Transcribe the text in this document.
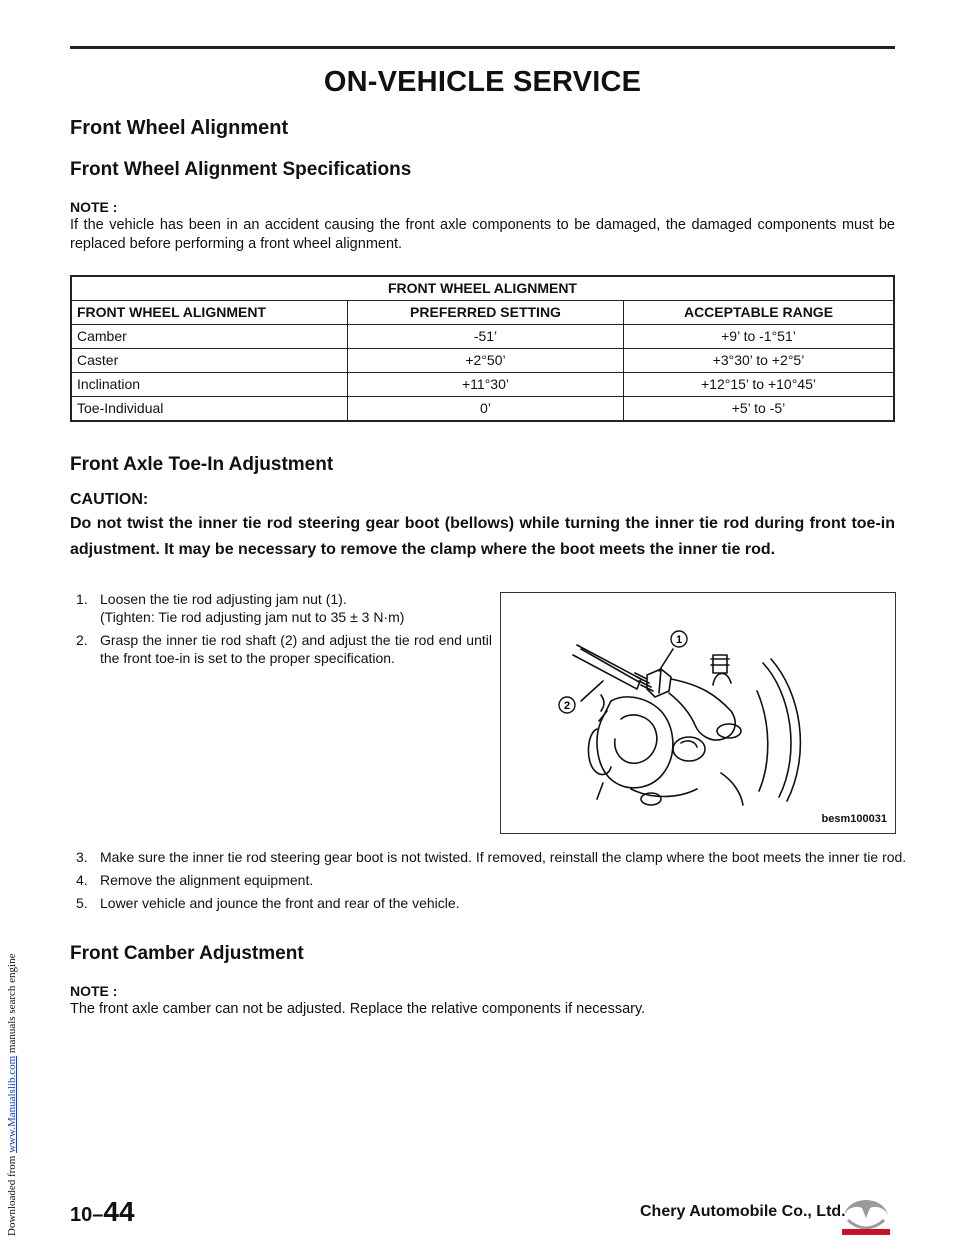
Downloaded from www.Manualslib.com manuals search engine
ON-VEHICLE SERVICE
Front Wheel Alignment
Front Wheel Alignment Specifications
NOTE :
If the vehicle has been in an accident causing the front axle components to be damaged, the damaged components must be replaced before performing a front wheel alignment.
FRONT WHEEL ALIGNMENT		
FRONT WHEEL ALIGNMENT	PREFERRED SETTING	ACCEPTABLE RANGE
Camber	-51’	+9’ to -1°51’
Caster	+2°50’	+3°30’ to +2°5’
Inclination	+11°30’	+12°15’ to +10°45’
Toe-Individual	0’	+5’ to -5’
Front Axle Toe-In Adjustment
CAUTION:
Do not twist the inner tie rod steering gear boot (bellows) while turning the inner tie rod during front toe-in adjustment. It may be necessary to remove the clamp where the boot meets the inner tie rod.
1. Loosen the tie rod adjusting jam nut (1).
(Tighten: Tie rod adjusting jam nut to 35 ± 3 N·m)
2. Grasp the inner tie rod shaft (2) and adjust the tie rod end until the front toe-in is set to the proper specification.
1
2
besm100031
3. Make sure the inner tie rod steering gear boot is not twisted. If removed, reinstall the clamp where the boot meets the inner tie rod.
4. Remove the alignment equipment.
5. Lower vehicle and jounce the front and rear of the vehicle.
Front Camber Adjustment
NOTE :
The front axle camber can not be adjusted. Replace the relative components if necessary.
10–44	Chery Automobile Co., Ltd.
